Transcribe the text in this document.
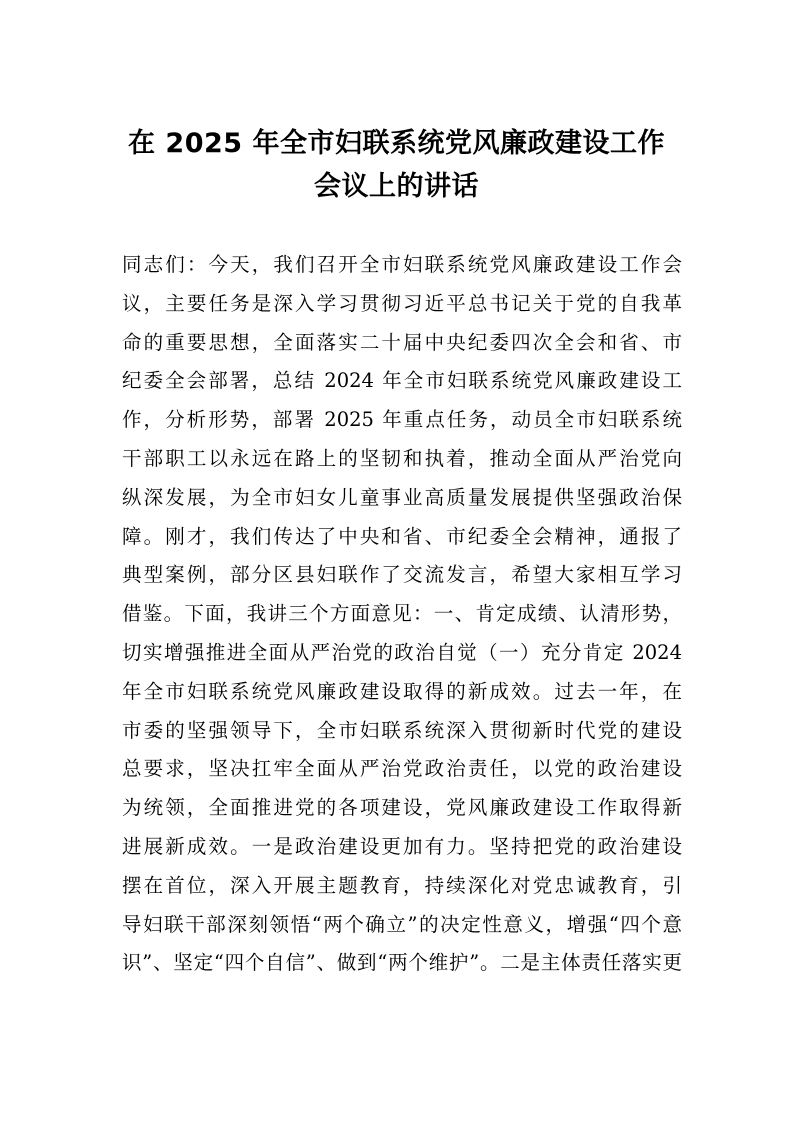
在 2025 年全市妇联系统党风廉政建设工作
会议上的讲话
同志们：今天，我们召开全市妇联系统党风廉政建设工作会
议，主要任务是深入学习贯彻习近平总书记关于党的自我革
命的重要思想，全面落实二十届中央纪委四次全会和省、市
纪委全会部署，总结 2024 年全市妇联系统党风廉政建设工
作，分析形势，部署 2025 年重点任务，动员全市妇联系统
干部职工以永远在路上的坚韧和执着，推动全面从严治党向
纵深发展，为全市妇女儿童事业高质量发展提供坚强政治保
障。刚才，我们传达了中央和省、市纪委全会精神，通报了
典型案例，部分区县妇联作了交流发言，希望大家相互学习
借鉴。下面，我讲三个方面意见：一、肯定成绩、认清形势，
切实增强推进全面从严治党的政治自觉（一）充分肯定 2024
年全市妇联系统党风廉政建设取得的新成效。过去一年，在
市委的坚强领导下，全市妇联系统深入贯彻新时代党的建设
总要求，坚决扛牢全面从严治党政治责任，以党的政治建设
为统领，全面推进党的各项建设，党风廉政建设工作取得新
进展新成效。一是政治建设更加有力。坚持把党的政治建设
摆在首位，深入开展主题教育，持续深化对党忠诚教育，引
导妇联干部深刻领悟“两个确立”的决定性意义，增强“四个意
识”、坚定“四个自信”、做到“两个维护”。二是主体责任落实更
